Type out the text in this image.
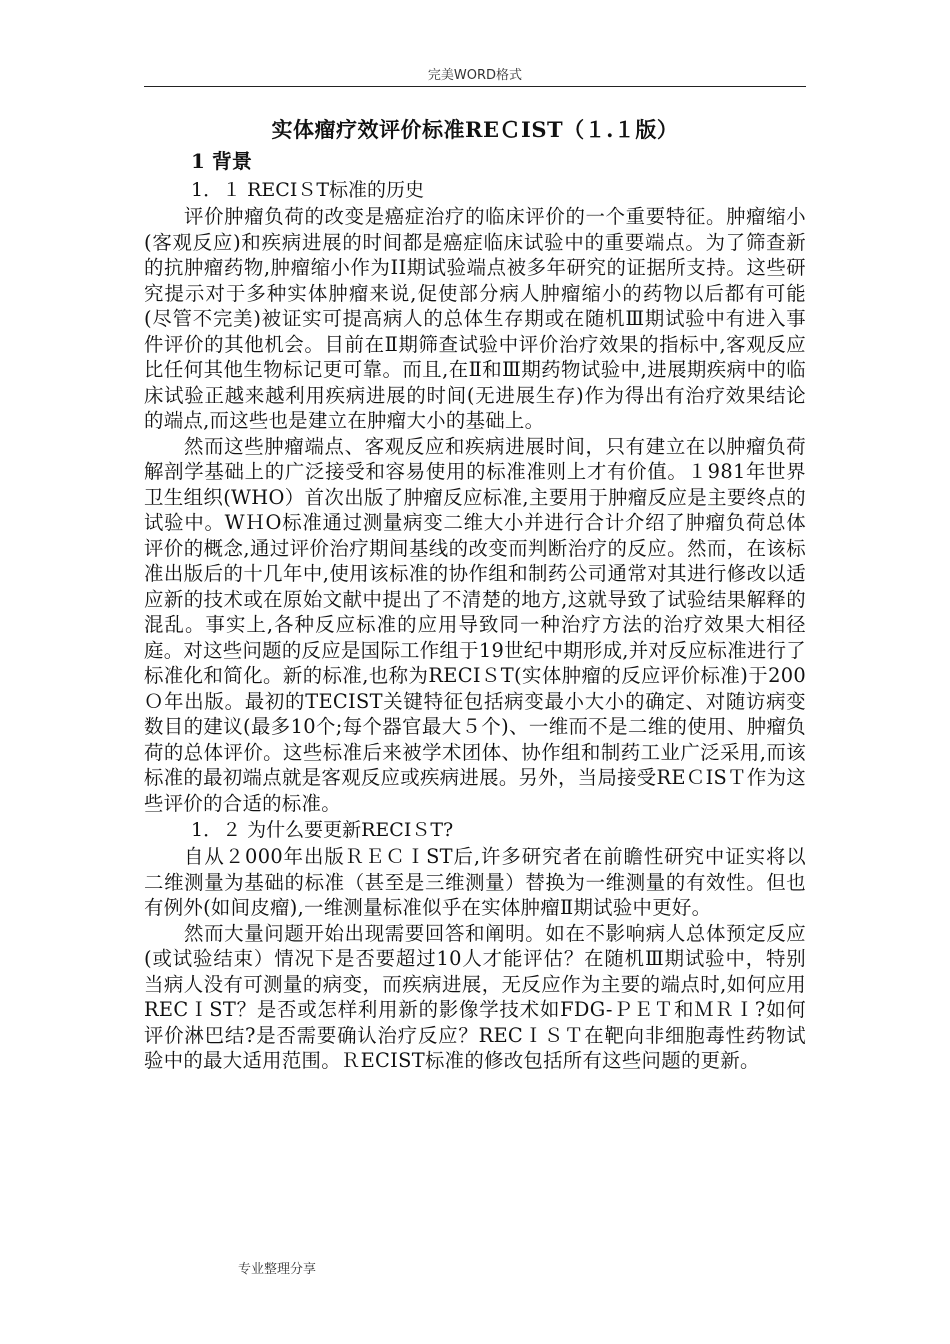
完美WORD格式

实体瘤疗效评价标准REＣIST（１.１版）

1 背景

1．１ RECIＳT标准的历史

评价肿瘤负荷的改变是癌症治疗的临床评价的一个重要特征。肿瘤缩小(客观反应)和疾病进展的时间都是癌症临床试验中的重要端点。为了筛查新的抗肿瘤药物,肿瘤缩小作为II期试验端点被多年研究的证据所支持。这些研究提示对于多种实体肿瘤来说,促使部分病人肿瘤缩小的药物以后都有可能(尽管不完美)被证实可提高病人的总体生存期或在随机Ⅲ期试验中有进入事件评价的其他机会。目前在Ⅱ期筛查试验中评价治疗效果的指标中,客观反应比任何其他生物标记更可靠。而且,在Ⅱ和Ⅲ期药物试验中,进展期疾病中的临床试验正越来越利用疾病进展的时间(无进展生存)作为得出有治疗效果结论的端点,而这些也是建立在肿瘤大小的基础上。

然而这些肿瘤端点、客观反应和疾病进展时间，只有建立在以肿瘤负荷解剖学基础上的广泛接受和容易使用的标准准则上才有价值。１981年世界卫生组织(WHO）首次出版了肿瘤反应标准,主要用于肿瘤反应是主要终点的试验中。WＨO标准通过测量病变二维大小并进行合计介绍了肿瘤负荷总体评价的概念,通过评价治疗期间基线的改变而判断治疗的反应。然而，在该标准出版后的十几年中,使用该标准的协作组和制药公司通常对其进行修改以适应新的技术或在原始文献中提出了不清楚的地方,这就导致了试验结果解释的混乱。事实上,各种反应标准的应用导致同一种治疗方法的治疗效果大相径庭。对这些问题的反应是国际工作组于19世纪中期形成,并对反应标准进行了标准化和简化。新的标准,也称为RECIＳT(实体肿瘤的反应评价标准)于200Ｏ年出版。最初的TECIST关键特征包括病变最小大小的确定、对随访病变数目的建议(最多10个;每个器官最大５个)、一维而不是二维的使用、肿瘤负荷的总体评价。这些标准后来被学术团体、协作组和制药工业广泛采用,而该标准的最初端点就是客观反应或疾病进展。另外，当局接受REＣISＴ作为这些评价的合适的标准。

1．２ 为什么要更新RECIＳT?

自从２000年出版ＲＥＣＩST后,许多研究者在前瞻性研究中证实将以二维测量为基础的标准（甚至是三维测量）替换为一维测量的有效性。但也有例外(如间皮瘤),一维测量标准似乎在实体肿瘤Ⅱ期试验中更好。

然而大量问题开始出现需要回答和阐明。如在不影响病人总体预定反应(或试验结束）情况下是否要超过10人才能评估？在随机Ⅲ期试验中，特别当病人没有可测量的病变，而疾病进展，无反应作为主要的端点时,如何应用RECＩST？是否或怎样利用新的影像学技术如FDG-ＰＥＴ和ＭＲＩ?如何评价淋巴结?是否需要确认治疗反应？RECＩＳＴ在靶向非细胞毒性药物试验中的最大适用范围。ＲECIST标准的修改包括所有这些问题的更新。

专业整理分享
